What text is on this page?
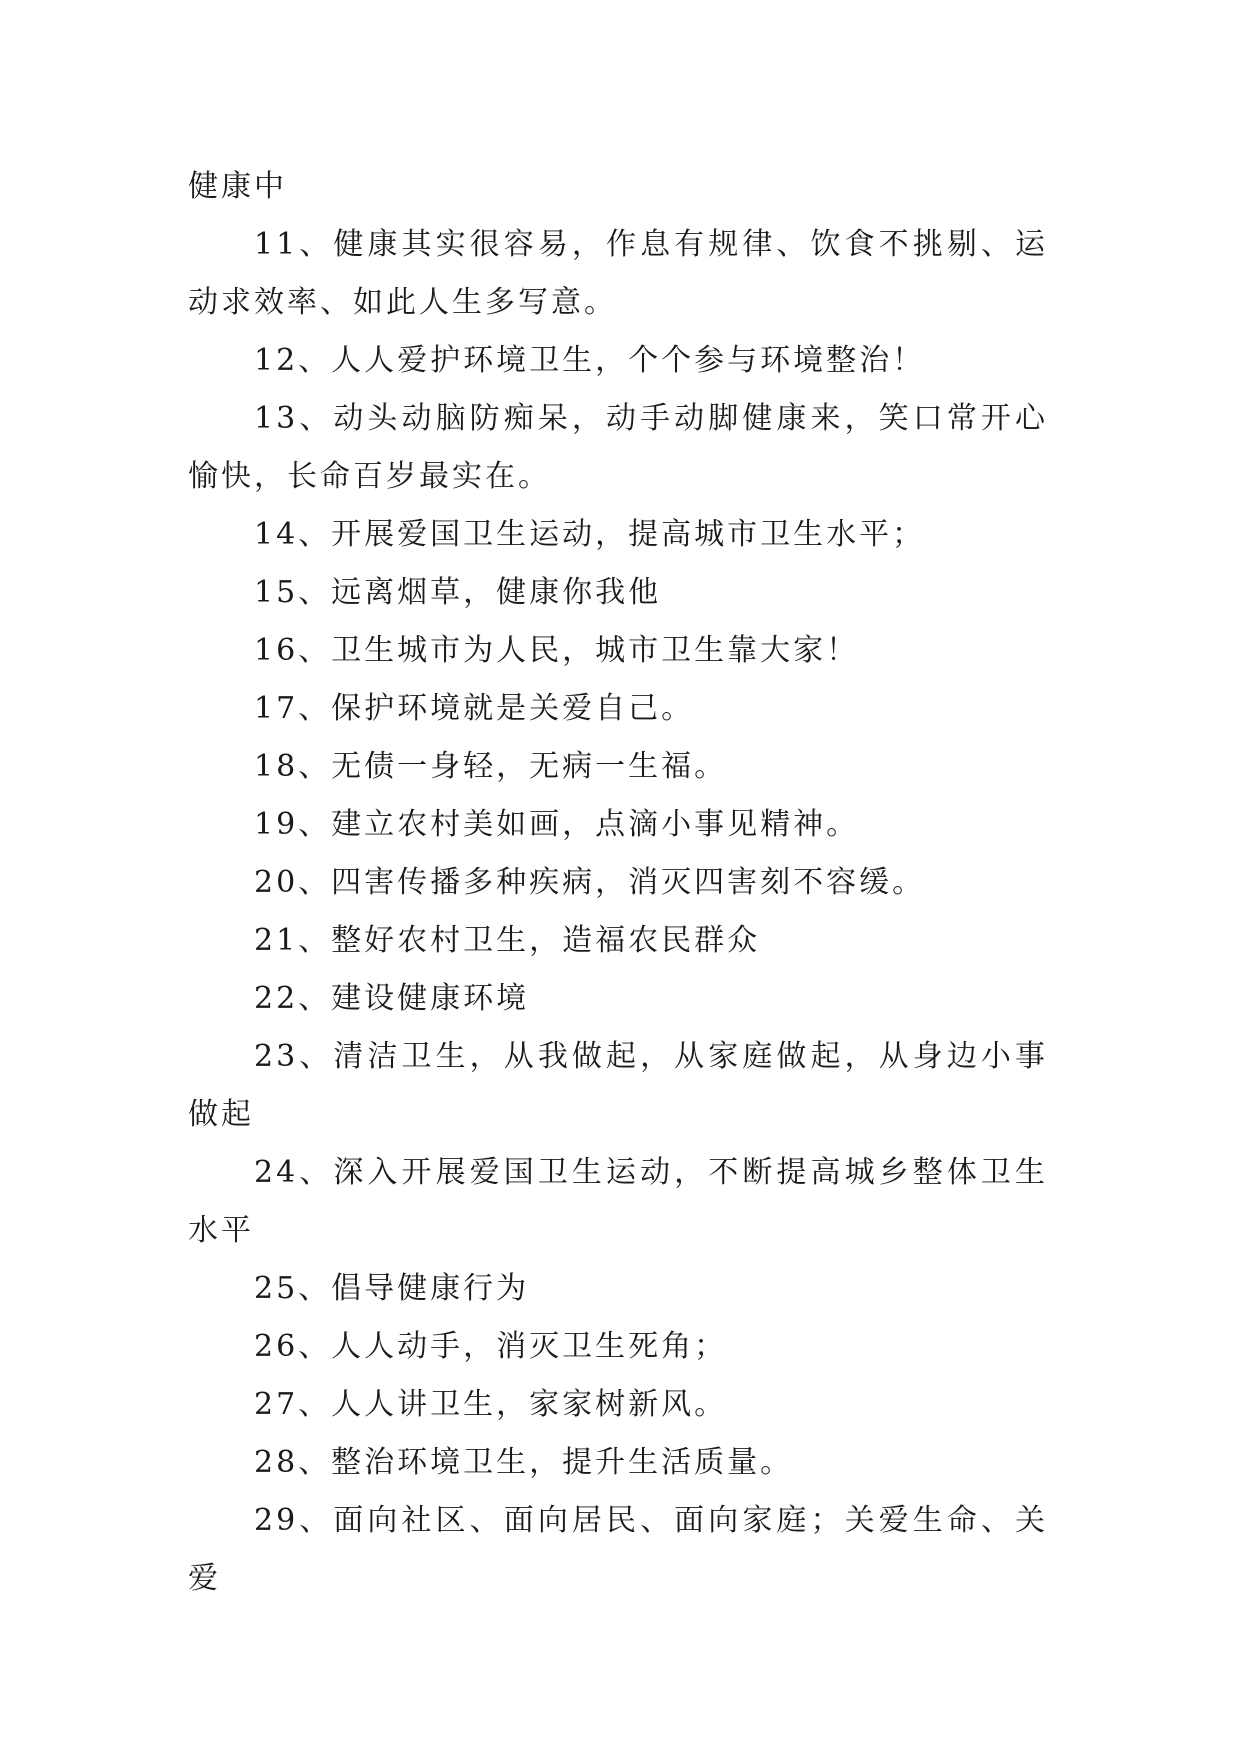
健康中

11、健康其实很容易，作息有规律、饮食不挑剔、运动求效率、如此人生多写意。

12、人人爱护环境卫生，个个参与环境整治！

13、动头动脑防痴呆，动手动脚健康来，笑口常开心愉快，长命百岁最实在。

14、开展爱国卫生运动，提高城市卫生水平；

15、远离烟草，健康你我他

16、卫生城市为人民，城市卫生靠大家！

17、保护环境就是关爱自己。

18、无债一身轻，无病一生福。

19、建立农村美如画，点滴小事见精神。

20、四害传播多种疾病，消灭四害刻不容缓。

21、整好农村卫生，造福农民群众

22、建设健康环境

23、清洁卫生，从我做起，从家庭做起，从身边小事做起

24、深入开展爱国卫生运动，不断提高城乡整体卫生水平

25、倡导健康行为

26、人人动手，消灭卫生死角；

27、人人讲卫生，家家树新风。

28、整治环境卫生，提升生活质量。

29、面向社区、面向居民、面向家庭；关爱生命、关爱
